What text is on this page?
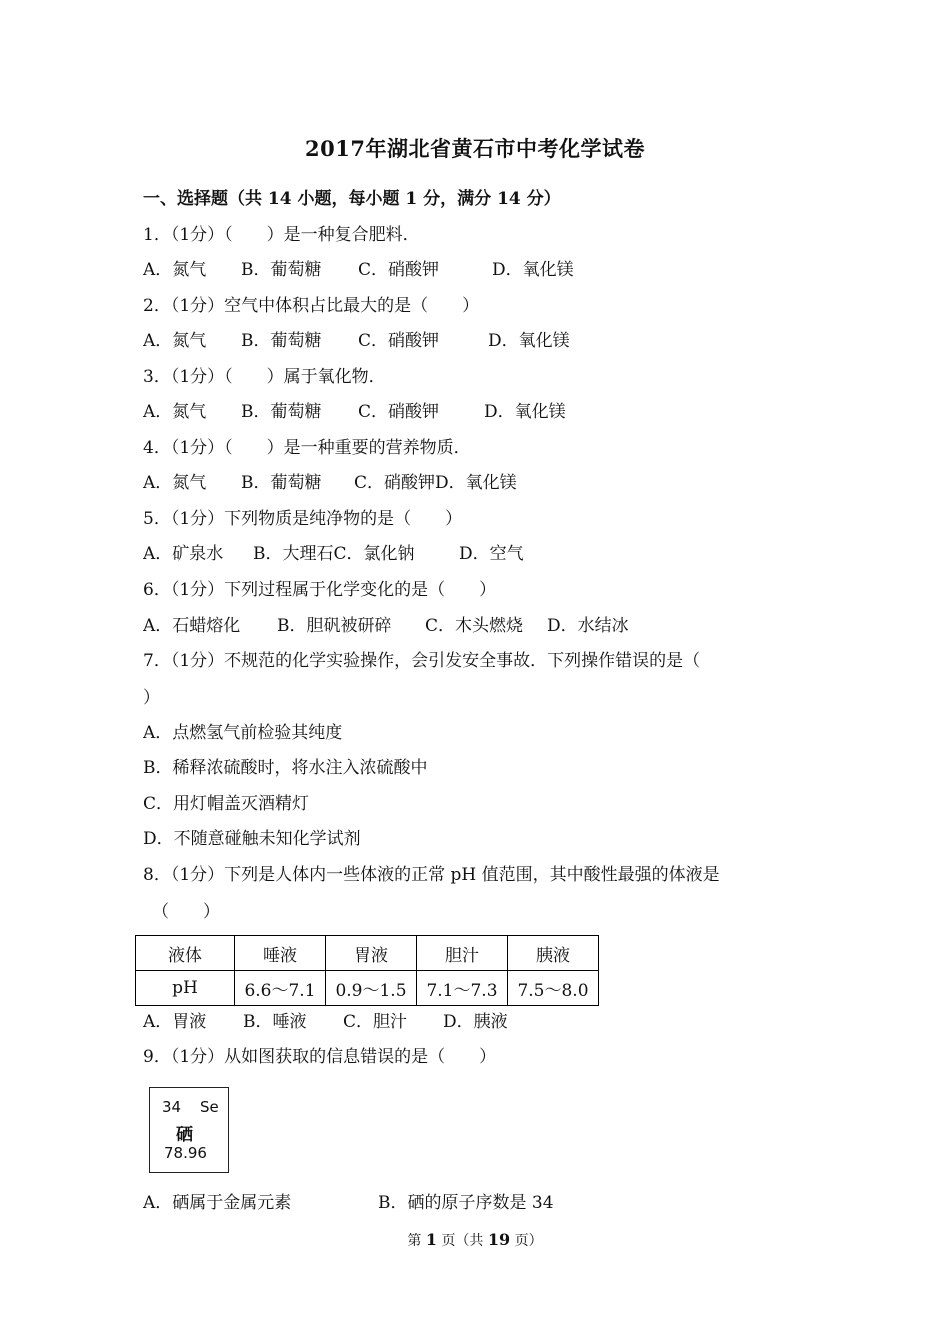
2017年湖北省黄石市中考化学试卷
一、选择题（共 14 小题，每小题 1 分，满分 14 分）
1．（1分）（　　）是一种复合肥料．
A．氮气 B．葡萄糖 C．硝酸钾	D．氧化镁
2．（1分）空气中体积占比最大的是（　　）
A．氮气 B．葡萄糖 C．硝酸钾	D．氧化镁
3．（1分）（　　）属于氧化物．
A．氮气 B．葡萄糖 C．硝酸钾	D．氧化镁
4．（1分）（　　）是一种重要的营养物质．
A．氮气 B．葡萄糖 C．硝酸钾D．氧化镁
5．（1分）下列物质是纯净物的是（　　）
A．矿泉水 B．大理石C．氯化钠	D．空气
6．（1分）下列过程属于化学变化的是（　　）
A．石蜡熔化 B．胆矾被研碎 C．木头燃烧 D．水结冰
7．（1分）不规范的化学实验操作，会引发安全事故．下列操作错误的是（
）
A．点燃氢气前检验其纯度
B．稀释浓硫酸时，将水注入浓硫酸中
C．用灯帽盖灭酒精灯
D．不随意碰触未知化学试剂
8．（1分）下列是人体内一些体液的正常 pH 值范围，其中酸性最强的体液是
（　　）
液体	唾液	胃液	胆汁	胰液
pH	6.6～7.1	0.9～1.5	7.1～7.3	7.5～8.0
A．胃液 B．唾液 C．胆汁 D．胰液
9．（1分）从如图获取的信息错误的是（　　）
34 Se
硒
78.96
A．硒属于金属元素	B．硒的原子序数是 34
第 1 页（共 19 页）
